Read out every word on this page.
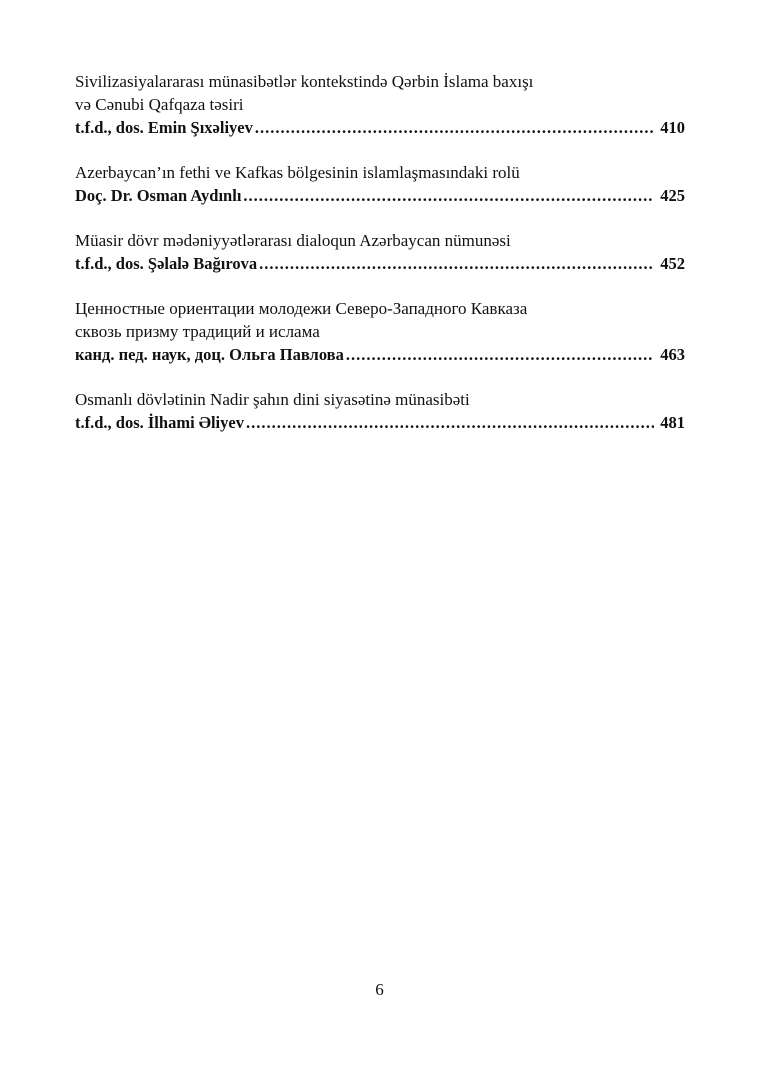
Sivilizasiyalararası münasibətlər kontekstində Qərbin İslama baxışı
və Cənubi Qafqaza təsiri
t.f.d., dos. Emin Şıxəliyev .....	410
Azerbaycan’ın fethi ve Kafkas bölgesinin islamlaşmasındaki rolü
Doç. Dr. Osman Aydınlı .....	425
Müasir dövr mədəniyyətlərarası dialoqun Azərbaycan nümunəsi
t.f.d., dos. Şəlalə Bağırova .....	452
Ценностные ориентации молодежи Северо-Западного Кавказа
сквозь призму традиций и ислама
канд. пед. наук, доц. Ольга Павлова .....	463
Osmanlı dövlətinin Nadir şahın dini siyasətinə münasibəti
t.f.d., dos. İlhami Əliyev .....	481
6
